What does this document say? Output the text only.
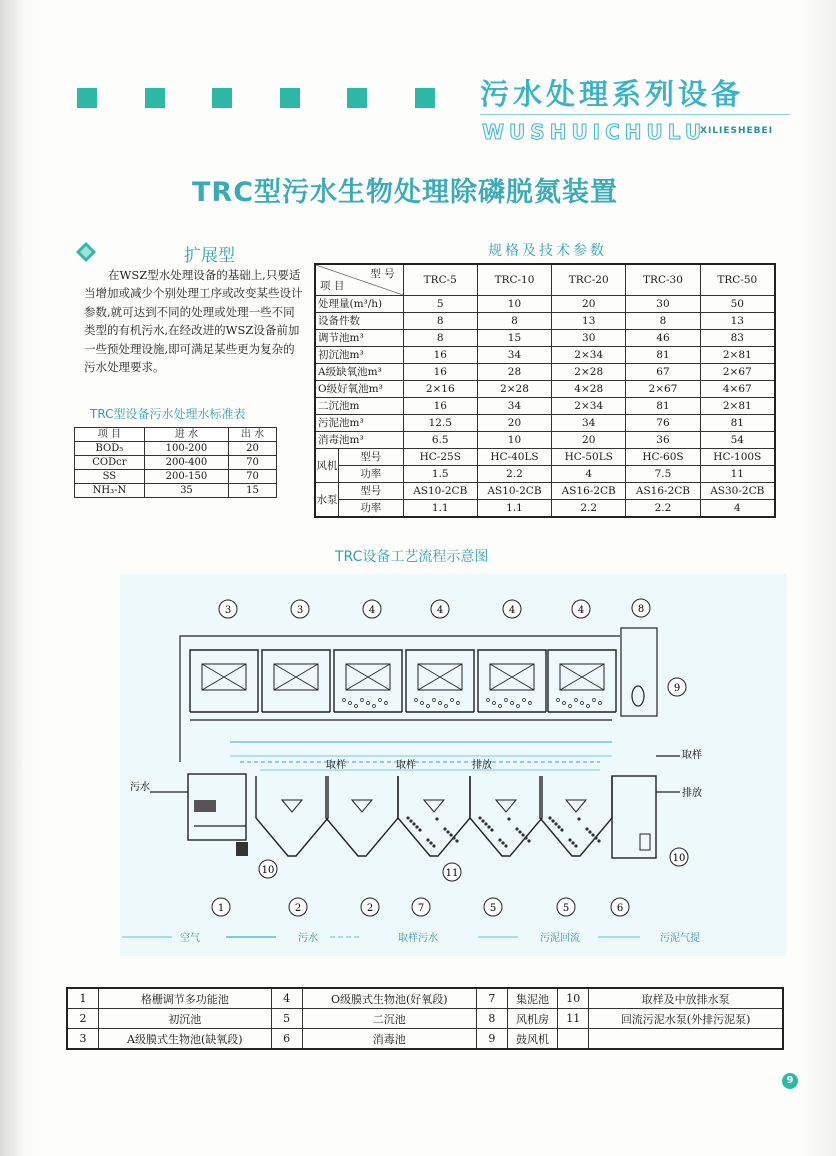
污水处理系列设备
WUSHUICHULU
XILIESHEBEI
TRC型污水生物处理除磷脱氮装置
扩展型
在WSZ型水处理设备的基础上,只要适当增加或减少个别处理工序或改变某些设计参数,就可达到不同的处理或处理一些不同类型的有机污水,在经改进的WSZ设备前加一些预处理设施,即可满足某些更为复杂的污水处理要求。
TRC型设备污水处理水标准表
项 目	进 水	出 水
BOD₅	100-200	20
CODcr	200-400	70
SS	200-150	70
NH₃-N	35	15
规格及技术参数
型 号
项 目		TRC-5	TRC-10	TRC-20	TRC-30	TRC-50
处理量(m³/h)		5	10	20	30	50
设备件数		8	8	13	8	13
调节池m³		8	15	30	46	83
初沉池m³		16	34	2×34	81	2×81
A级缺氧池m³		16	28	2×28	67	2×67
O级好氧池m³		2×16	2×28	4×28	2×67	4×67
二沉池m		16	34	2×34	81	2×81
污泥池m³		12.5	20	34	76	81
消毒池m³		6.5	10	20	36	54
风机	型号	HC-25S	HC-40LS	HC-50LS	HC-60S	HC-100S
	功率	1.5	2.2	4	7.5	11
水泵	型号	AS10-2CB	AS10-2CB	AS16-2CB	AS16-2CB	AS30-2CB
	功率	1.1	1.1	2.2	2.2	4
TRC设备工艺流程示意图
3	3	4	4	4	4	8
9
1	2	2	7	5	5	6
10
10
11
污水
取样	取样	排放
取样
排放
空气	污水	取样污水	污泥回流	污泥气提
1	格栅调节多功能池	4	O级膜式生物池(好氧段)	7	集泥池	10	取样及中放排水泵
2	初沉池	5	二沉池	8	风机房	11	回流污泥水泵(外排污泥泵)
3	A级膜式生物池(缺氧段)	6	消毒池	9	鼓风机		
9
